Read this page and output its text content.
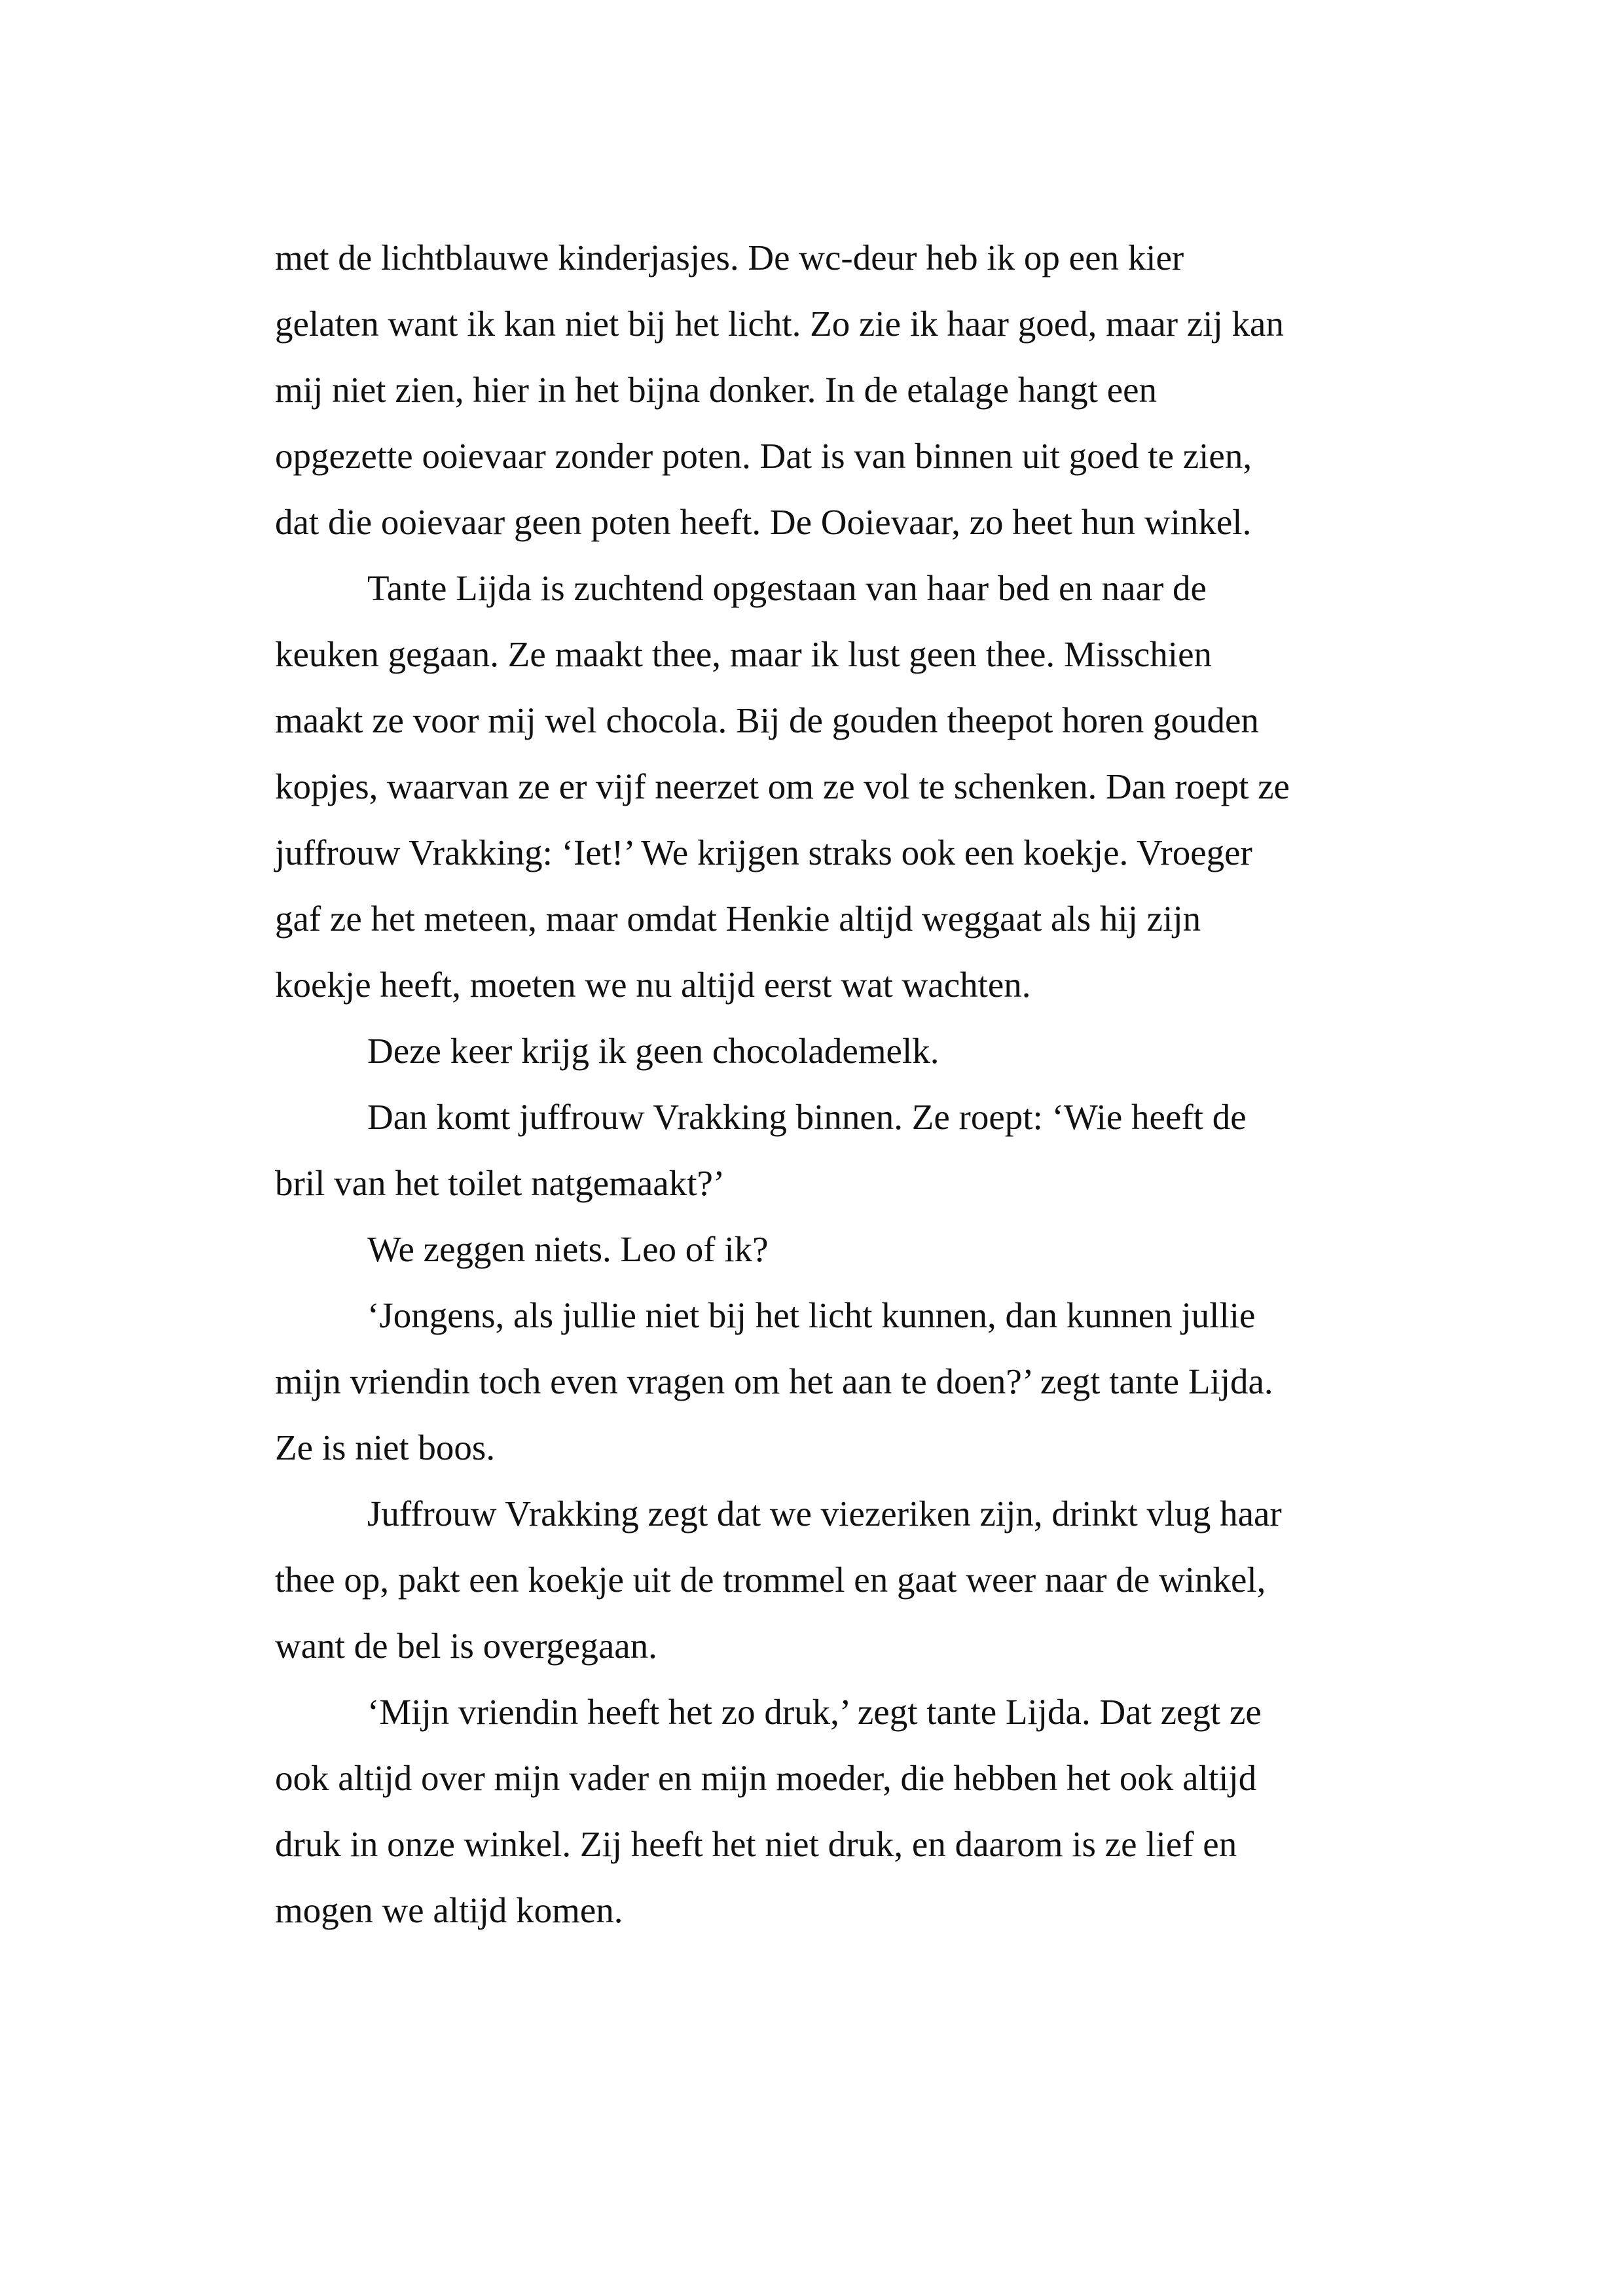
met de lichtblauwe kinderjasjes. De wc-deur heb ik op een kier
gelaten want ik kan niet bij het licht. Zo zie ik haar goed, maar zij kan
mij niet zien, hier in het bijna donker. In de etalage hangt een
opgezette ooievaar zonder poten. Dat is van binnen uit goed te zien,
dat die ooievaar geen poten heeft. De Ooievaar, zo heet hun winkel.
Tante Lijda is zuchtend opgestaan van haar bed en naar de
keuken gegaan. Ze maakt thee, maar ik lust geen thee. Misschien
maakt ze voor mij wel chocola. Bij de gouden theepot horen gouden
kopjes, waarvan ze er vijf neerzet om ze vol te schenken. Dan roept ze
juffrouw Vrakking: ‘Iet!’ We krijgen straks ook een koekje. Vroeger
gaf ze het meteen, maar omdat Henkie altijd weggaat als hij zijn
koekje heeft, moeten we nu altijd eerst wat wachten.
Deze keer krijg ik geen chocolademelk.
Dan komt juffrouw Vrakking binnen. Ze roept: ‘Wie heeft de
bril van het toilet natgemaakt?’
We zeggen niets. Leo of ik?
‘Jongens, als jullie niet bij het licht kunnen, dan kunnen jullie
mijn vriendin toch even vragen om het aan te doen?’ zegt tante Lijda.
Ze is niet boos.
Juffrouw Vrakking zegt dat we viezeriken zijn, drinkt vlug haar
thee op, pakt een koekje uit de trommel en gaat weer naar de winkel,
want de bel is overgegaan.
‘Mijn vriendin heeft het zo druk,’ zegt tante Lijda. Dat zegt ze
ook altijd over mijn vader en mijn moeder, die hebben het ook altijd
druk in onze winkel. Zij heeft het niet druk, en daarom is ze lief en
mogen we altijd komen.
